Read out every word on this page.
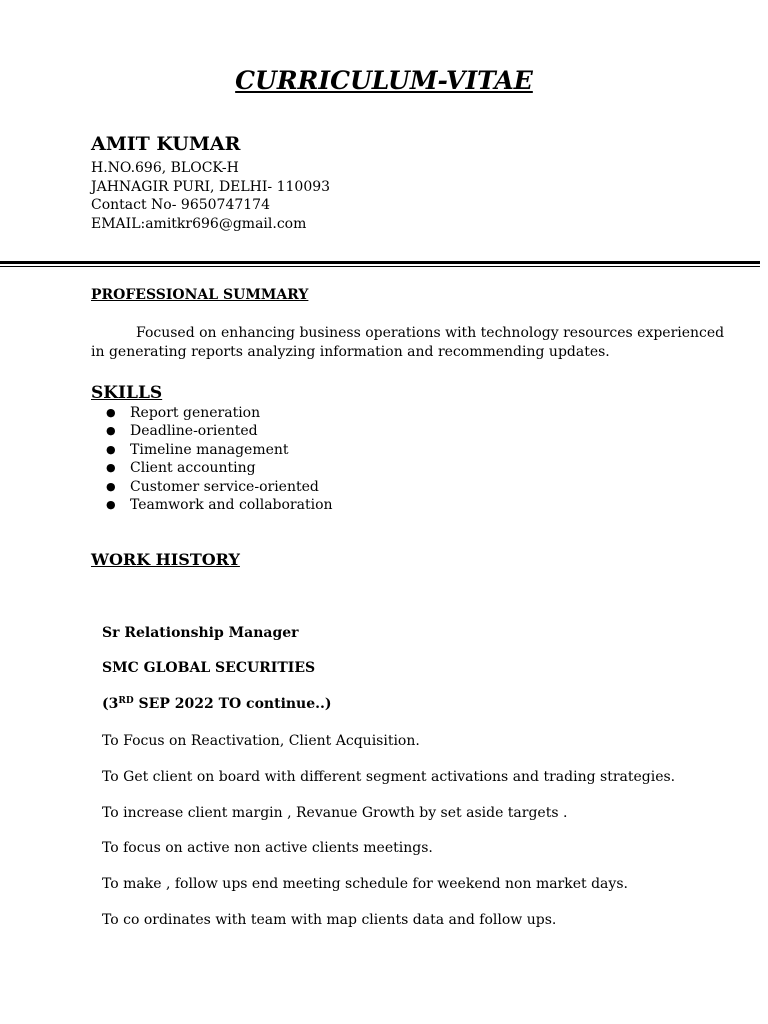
CURRICULUM-VITAE
AMIT KUMAR
H.NO.696, BLOCK-H
JAHNAGIR PURI, DELHI- 110093
Contact No- 9650747174
EMAIL:amitkr696@gmail.com
PROFESSIONAL SUMMARY
Focused on enhancing business operations with technology resources experienced
in generating reports analyzing information and recommending updates.
SKILLS
● Report generation
● Deadline-oriented
● Timeline management
● Client accounting
● Customer service-oriented
● Teamwork and collaboration
WORK HISTORY
Sr Relationship Manager
SMC GLOBAL SECURITIES
(3RD SEP 2022 TO continue..)
To Focus on Reactivation, Client Acquisition.
To Get client on board with different segment activations and trading strategies.
To increase client margin , Revanue Growth by set aside targets .
To focus on active non active clients meetings.
To make , follow ups end meeting schedule for weekend non market days.
To co ordinates with team with map clients data and follow ups.
